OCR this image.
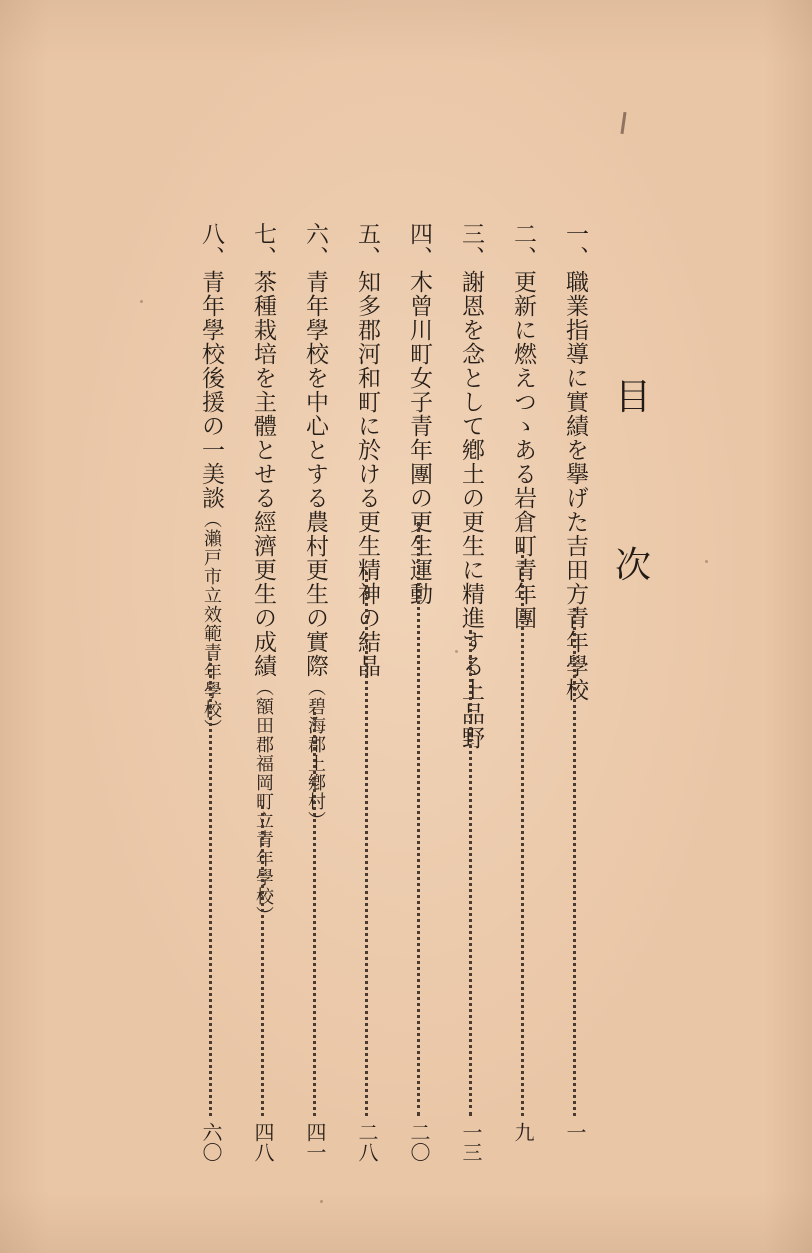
目
次
一、職業指導に實績を擧げた吉田方青年學校
一
二、更新に燃えつゝある岩倉町青年團
九
三、謝恩を念として鄕土の更生に精進する上品野
一三
四、木曾川町女子青年團の更生運動
二〇
五、知多郡河和町に於ける更生精神の結晶
二八
六、青年學校を中心とする農村更生の實際（碧海郡上鄕村）
四一
七、茶種栽培を主體とせる經濟更生の成績（額田郡福岡町立青年學校）
四八
八、青年學校後援の一美談（瀨戸市立效範青年學校）
六〇
